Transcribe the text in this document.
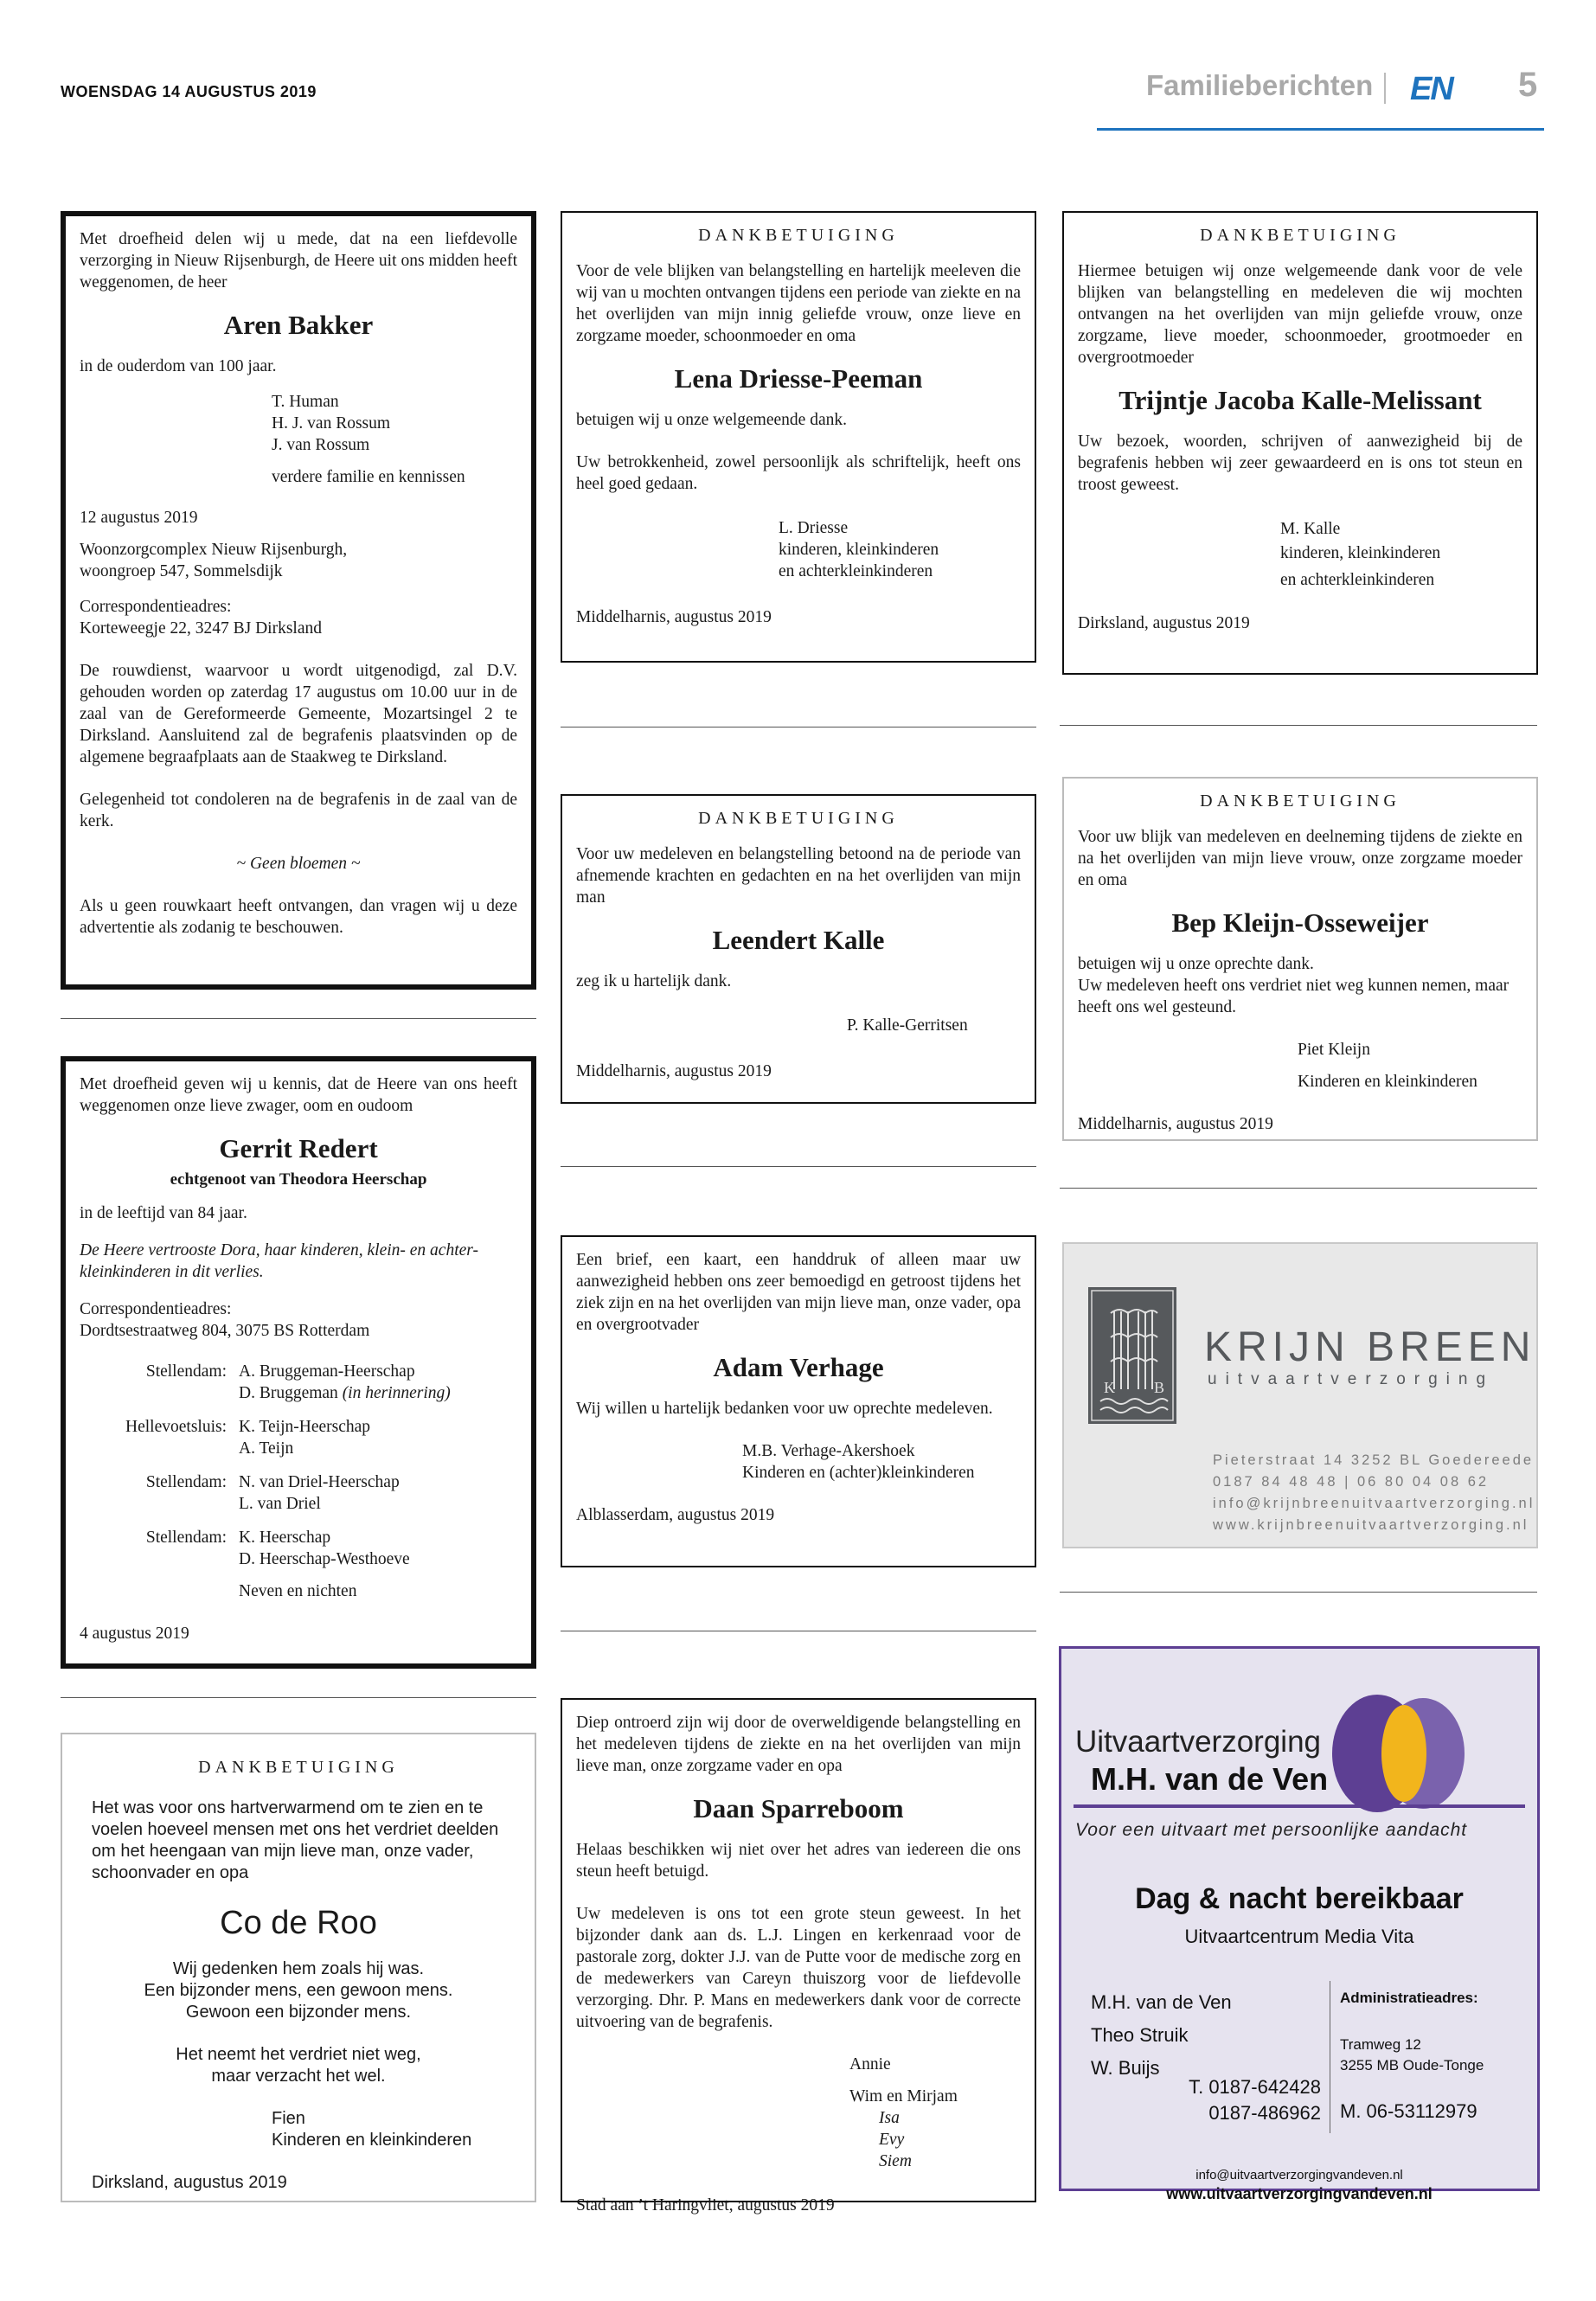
WOENSDAG 14 AUGUSTUS 2019	Familieberichten EN 5

Met droefheid delen wij u mede, dat na een liefdevolle verzorging in Nieuw Rijsenburgh, de Heere uit ons midden heeft weggenomen, de heer

Aren Bakker

in de ouderdom van 100 jaar.

T. Human

H. J. van Rossum

J. van Rossum

verdere familie en kennissen

12 augustus 2019

Woonzorgcomplex Nieuw Rijsenburgh,

woongroep 547, Sommelsdijk

Correspondentieadres:

Korteweegje 22, 3247 BJ Dirksland

De rouwdienst, waarvoor u wordt uitgenodigd, zal D.V. gehouden worden op zaterdag 17 augustus om 10.00 uur in de zaal van de Gereformeerde Gemeente, Mozartsingel 2 te Dirksland. Aansluitend zal de begrafenis plaatsvinden op de algemene begraafplaats aan de Staakweg te Dirksland.

Gelegenheid tot condoleren na de begrafenis in de zaal van de kerk.

~ Geen bloemen ~

Als u geen rouwkaart heeft ontvangen, dan vragen wij u deze advertentie als zodanig te beschouwen.

Met droefheid geven wij u kennis, dat de Heere van ons heeft weggenomen onze lieve zwager, oom en oudoom

Gerrit Redert

echtgenoot van Theodora Heerschap

in de leeftijd van 84 jaar.

De Heere vertrooste Dora, haar kinderen, klein- en achter-kleinkinderen in dit verlies.

Correspondentieadres:

Dordtsestraatweg 804, 3075 BS Rotterdam

Stellendam: A. Bruggeman-Heerschap
D. Bruggeman (in herinnering)
Hellevoetsluis: K. Teijn-Heerschap
A. Teijn
Stellendam: N. van Driel-Heerschap
L. van Driel
Stellendam: K. Heerschap
D. Heerschap-Westhoeve

Neven en nichten

4 augustus 2019

DANKBETUIGING

Het was voor ons hartverwarmend om te zien en te voelen hoeveel mensen met ons het verdriet deelden om het heengaan van mijn lieve man, onze vader, schoonvader en opa

Co de Roo

Wij gedenken hem zoals hij was.

Een bijzonder mens, een gewoon mens.

Gewoon een bijzonder mens.

Het neemt het verdriet niet weg,

maar verzacht het wel.

Fien

Kinderen en kleinkinderen

Dirksland, augustus 2019

DANKBETUIGING

Voor de vele blijken van belangstelling en hartelijk meeleven die wij van u mochten ontvangen tijdens een periode van ziekte en na het overlijden van mijn innig geliefde vrouw, onze lieve en zorgzame moeder, schoonmoeder en oma

Lena Driesse-Peeman

betuigen wij u onze welgemeende dank.

Uw betrokkenheid, zowel persoonlijk als schriftelijk, heeft ons heel goed gedaan.

L. Driesse

kinderen, kleinkinderen

en achterkleinkinderen

Middelharnis, augustus 2019

DANKBETUIGING

Voor uw medeleven en belangstelling betoond na de periode van afnemende krachten en gedachten en na het overlijden van mijn man

Leendert Kalle

zeg ik u hartelijk dank.

P. Kalle-Gerritsen

Middelharnis, augustus 2019

Een brief, een kaart, een handdruk of alleen maar uw aanwezigheid hebben ons zeer bemoedigd en getroost tijdens het ziek zijn en na het overlijden van mijn lieve man, onze vader, opa en overgrootvader

Adam Verhage

Wij willen u hartelijk bedanken voor uw oprechte medeleven.

M.B. Verhage-Akershoek

Kinderen en (achter)kleinkinderen

Alblasserdam, augustus 2019

Diep ontroerd zijn wij door de overweldigende belangstelling en het medeleven tijdens de ziekte en na het overlijden van mijn lieve man, onze zorgzame vader en opa

Daan Sparreboom

Helaas beschikken wij niet over het adres van iedereen die ons steun heeft betuigd.

Uw medeleven is ons tot een grote steun geweest. In het bijzonder dank aan ds. L.J. Lingen en kerkenraad voor de pastorale zorg, dokter J.J. van de Putte voor de medische zorg en de medewerkers van Careyn thuiszorg voor de liefdevolle verzorging. Dhr. P. Mans en medewerkers dank voor de correcte uitvoering van de begrafenis.

Annie

Wim en Mirjam

Isa

Evy

Siem

Stad aan ’t Haringvliet, augustus 2019

DANKBETUIGING

Hiermee betuigen wij onze welgemeende dank voor de vele blijken van belangstelling en medeleven die wij mochten ontvangen na het overlijden van mijn geliefde vrouw, onze zorgzame, lieve moeder, schoonmoeder, grootmoeder en overgrootmoeder

Trijntje Jacoba Kalle-Melissant

Uw bezoek, woorden, schrijven of aanwezigheid bij de begrafenis hebben wij zeer gewaardeerd en is ons tot steun en troost geweest.

M. Kalle

kinderen, kleinkinderen

en achterkleinkinderen

Dirksland, augustus 2019

DANKBETUIGING

Voor uw blijk van medeleven en deelneming tijdens de ziekte en na het overlijden van mijn lieve vrouw, onze zorgzame moeder en oma

Bep Kleijn-Osseweijer

betuigen wij u onze oprechte dank.

Uw medeleven heeft ons verdriet niet weg kunnen nemen, maar heeft ons wel gesteund.

Piet Kleijn

Kinderen en kleinkinderen

Middelharnis, augustus 2019

K	B
KRIJN BREEN
uitvaartverzorging
Pieterstraat 14 3252 BL Goedereede
0187 84 48 48 | 06 80 04 08 62
info@krijnbreenuitvaartverzorging.nl
www.krijnbreenuitvaartverzorging.nl
Uitvaartverzorging
M.H. van de Ven
Voor een uitvaart met persoonlijke aandacht
Dag & nacht bereikbaar
Uitvaartcentrum Media Vita
M.H. van de Ven
Theo Struik
W. Buijs
T. 0187-642428
0187-486962
Administratieadres:
Tramweg 12
3255 MB Oude-Tonge
M. 06-53112979
info@uitvaartverzorgingvandeven.nl
www.uitvaartverzorgingvandeven.nl
